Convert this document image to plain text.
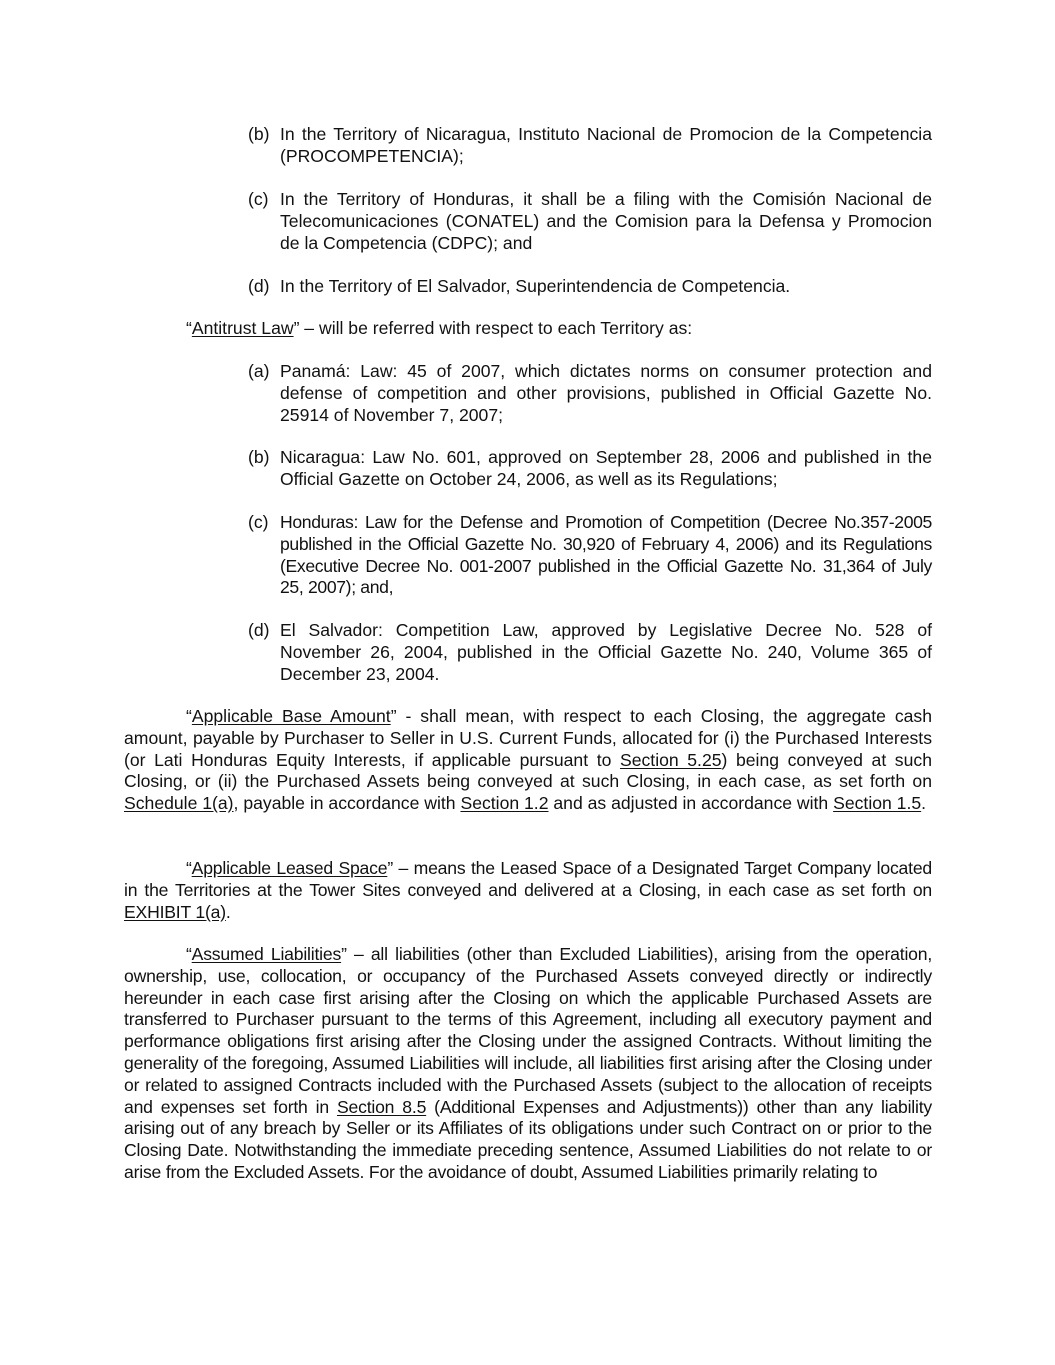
(b) In the Territory of Nicaragua, Instituto Nacional de Promocion de la Competencia (PROCOMPETENCIA);
(c) In the Territory of Honduras, it shall be a filing with the Comisión Nacional de Telecomunicaciones (CONATEL) and the Comision para la Defensa y Promocion de la Competencia (CDPC); and
(d) In the Territory of El Salvador, Superintendencia de Competencia.
“Antitrust Law” – will be referred with respect to each Territory as:
(a) Panamá: Law: 45 of 2007, which dictates norms on consumer protection and defense of competition and other provisions, published in Official Gazette No. 25914 of November 7, 2007;
(b) Nicaragua: Law No. 601, approved on September 28, 2006 and published in the Official Gazette on October 24, 2006, as well as its Regulations;
(c) Honduras: Law for the Defense and Promotion of Competition (Decree No.357-2005 published in the Official Gazette No. 30,920 of February 4, 2006) and its Regulations (Executive Decree No. 001-2007 published in the Official Gazette No. 31,364 of July 25, 2007); and,
(d) El Salvador: Competition Law, approved by Legislative Decree No. 528 of November 26, 2004, published in the Official Gazette No. 240, Volume 365 of December 23, 2004.
“Applicable Base Amount” - shall mean, with respect to each Closing, the aggregate cash amount, payable by Purchaser to Seller in U.S. Current Funds, allocated for (i) the Purchased Interests (or Lati Honduras Equity Interests, if applicable pursuant to Section 5.25) being conveyed at such Closing, or (ii) the Purchased Assets being conveyed at such Closing, in each case, as set forth on Schedule 1(a), payable in accordance with Section 1.2 and as adjusted in accordance with Section 1.5.
“Applicable Leased Space” – means the Leased Space of a Designated Target Company located in the Territories at the Tower Sites conveyed and delivered at a Closing, in each case as set forth on EXHIBIT 1(a).
“Assumed Liabilities” – all liabilities (other than Excluded Liabilities), arising from the operation, ownership, use, collocation, or occupancy of the Purchased Assets conveyed directly or indirectly hereunder in each case first arising after the Closing on which the applicable Purchased Assets are transferred to Purchaser pursuant to the terms of this Agreement, including all executory payment and performance obligations first arising after the Closing under the assigned Contracts. Without limiting the generality of the foregoing, Assumed Liabilities will include, all liabilities first arising after the Closing under or related to assigned Contracts included with the Purchased Assets (subject to the allocation of receipts and expenses set forth in Section 8.5 (Additional Expenses and Adjustments)) other than any liability arising out of any breach by Seller or its Affiliates of its obligations under such Contract on or prior to the Closing Date. Notwithstanding the immediate preceding sentence, Assumed Liabilities do not relate to or arise from the Excluded Assets. For the avoidance of doubt, Assumed Liabilities primarily relating to
